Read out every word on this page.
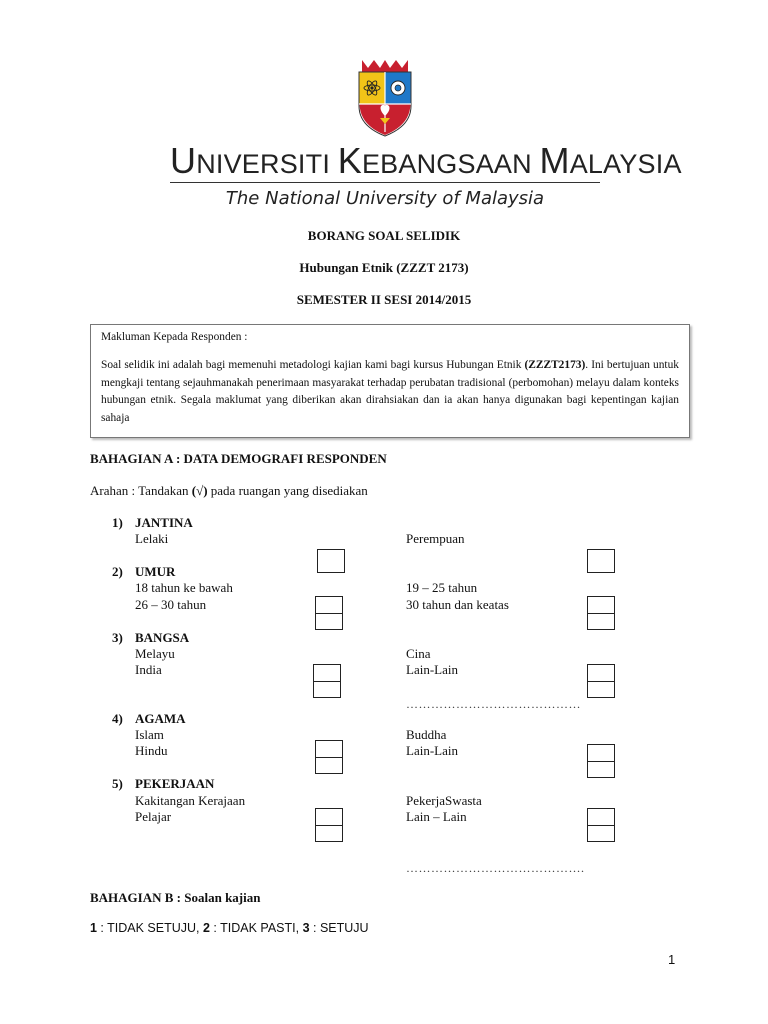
UNIVERSITI KEBANGSAAN MALAYSIA
The National University of Malaysia
BORANG SOAL SELIDIK
Hubungan Etnik (ZZZT 2173)
SEMESTER II SESI 2014/2015

Makluman Kepada Responden :

Soal selidik ini adalah bagi memenuhi metadologi kajian kami bagi kursus Hubungan Etnik (ZZZT2173). Ini bertujuan untuk mengkaji tentang sejauhmanakah penerimaan masyarakat terhadap perubatan tradisional (perbomohan) melayu dalam konteks hubungan etnik. Segala maklumat yang diberikan akan dirahsiakan dan ia akan hanya digunakan bagi kepentingan kajian sahaja

BAHAGIAN A : DATA DEMOGRAFI RESPONDEN
Arahan : Tandakan (√) pada ruangan yang disediakan
1) JANTINA
Lelaki	Perempuan
2) UMUR
18 tahun ke bawah
26 – 30 tahun
19 – 25 tahun
30 tahun dan keatas
3) BANGSA
Melayu
India
Cina
Lain-Lain
……………………………………
4) AGAMA
Islam
Hindu
Buddha
Lain-Lain
5) PEKERJAAN
Kakitangan Kerajaan
Pelajar
PekerjaSwasta
Lain – Lain
…………………………………….
BAHAGIAN B : Soalan kajian
1 : TIDAK SETUJU, 2 : TIDAK PASTI, 3 : SETUJU
1
